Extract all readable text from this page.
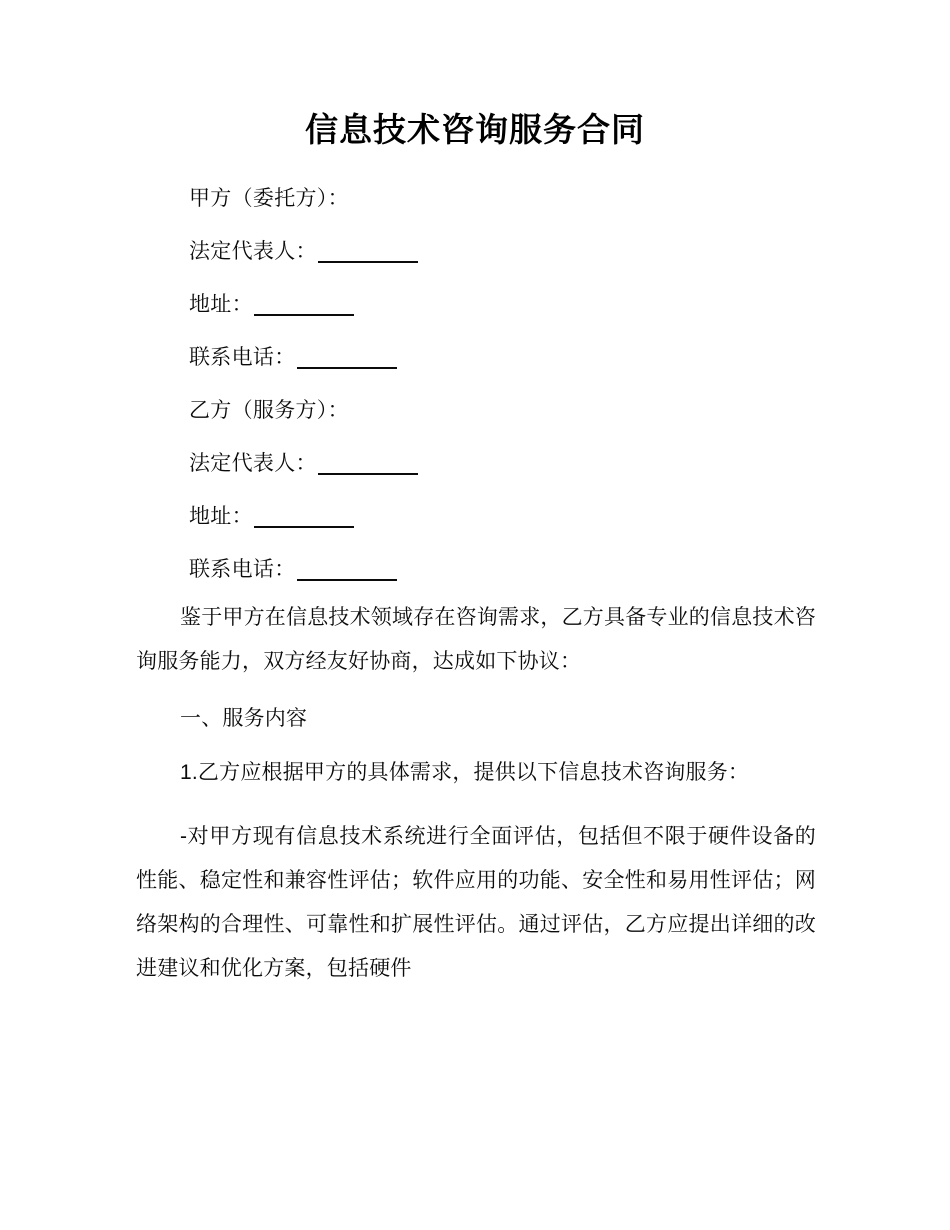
信息技术咨询服务合同
甲方（委托方）：
法定代表人：
地址：
联系电话：
乙方（服务方）：
法定代表人：
地址：
联系电话：

鉴于甲方在信息技术领域存在咨询需求，乙方具备专业的信息技术咨询服务能力，双方经友好协商，达成如下协议：

一、服务内容

1.乙方应根据甲方的具体需求，提供以下信息技术咨询服务：

-对甲方现有信息技术系统进行全面评估，包括但不限于硬件设备的性能、稳定性和兼容性评估；软件应用的功能、安全性和易用性评估；网络架构的合理性、可靠性和扩展性评估。通过评估，乙方应提出详细的改进建议和优化方案，包括硬件
